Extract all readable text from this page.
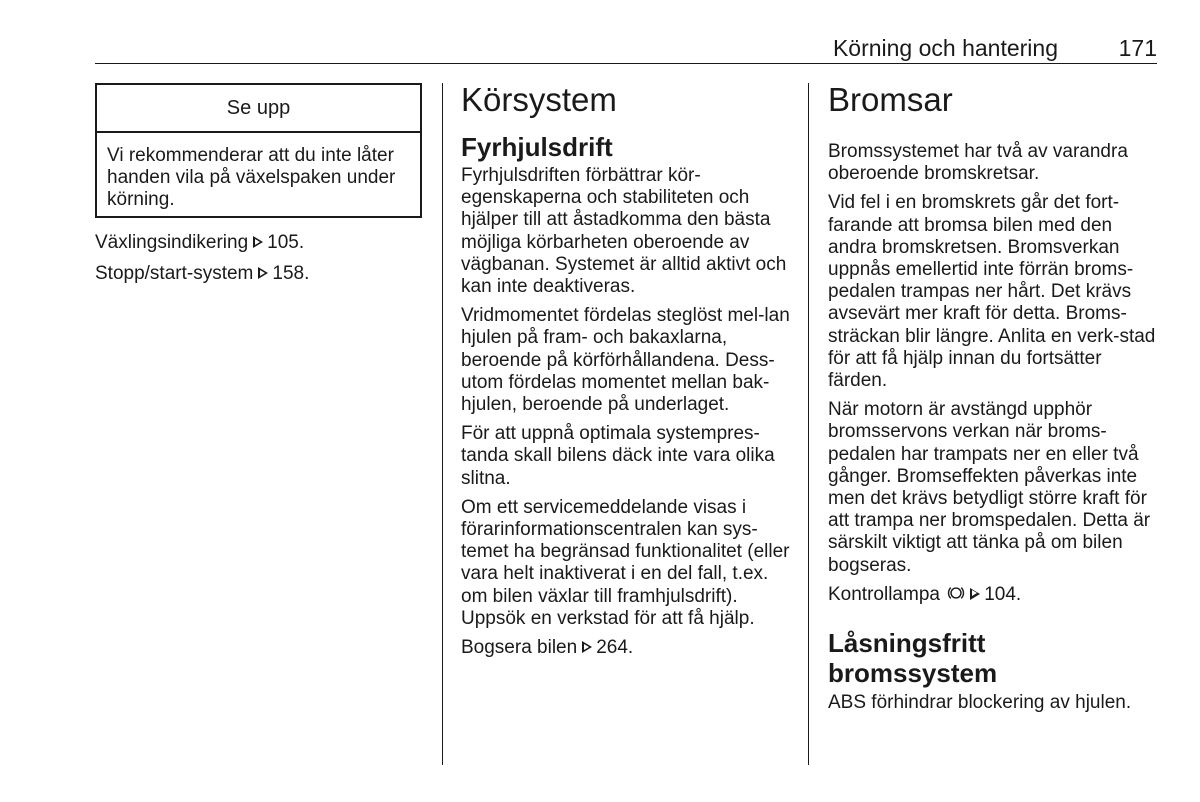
Körning och hantering	171
Se upp
Vi rekommenderar att du inte låter handen vila på växelspaken under körning.

Växlingsindikering 105.

Stopp/start-system 158.

Körsystem
Fyrhjulsdrift

Fyrhjulsdriften förbättrar kör-egenskaperna och stabiliteten och hjälper till att åstadkomma den bästa möjliga körbarheten oberoende av vägbanan. Systemet är alltid aktivt och kan inte deaktiveras.

Vridmomentet fördelas steglöst mel-lan hjulen på fram- och bakaxlarna, beroende på körförhållandena. Dess-utom fördelas momentet mellan bak-hjulen, beroende på underlaget.

För att uppnå optimala systempres-tanda skall bilens däck inte vara olika slitna.

Om ett servicemeddelande visas i förarinformationscentralen kan sys-temet ha begränsad funktionalitet (eller vara helt inaktiverat i en del fall, t.ex. om bilen växlar till framhjulsdrift). Uppsök en verkstad för att få hjälp.

Bogsera bilen 264.

Bromsar

Bromssystemet har två av varandra oberoende bromskretsar.

Vid fel i en bromskrets går det fort-farande att bromsa bilen med den andra bromskretsen. Bromsverkan uppnås emellertid inte förrän broms-pedalen trampas ner hårt. Det krävs avsevärt mer kraft för detta. Broms-sträckan blir längre. Anlita en verk-stad för att få hjälp innan du fortsätter färden.

När motorn är avstängd upphör bromsservons verkan när broms-pedalen har trampats ner en eller två gånger. Bromseffekten påverkas inte men det krävs betydligt större kraft för att trampa ner bromspedalen. Detta är särskilt viktigt att tänka på om bilen bogseras.

Kontrollampa 104.

Låsningsfritt bromssystem

ABS förhindrar blockering av hjulen.
